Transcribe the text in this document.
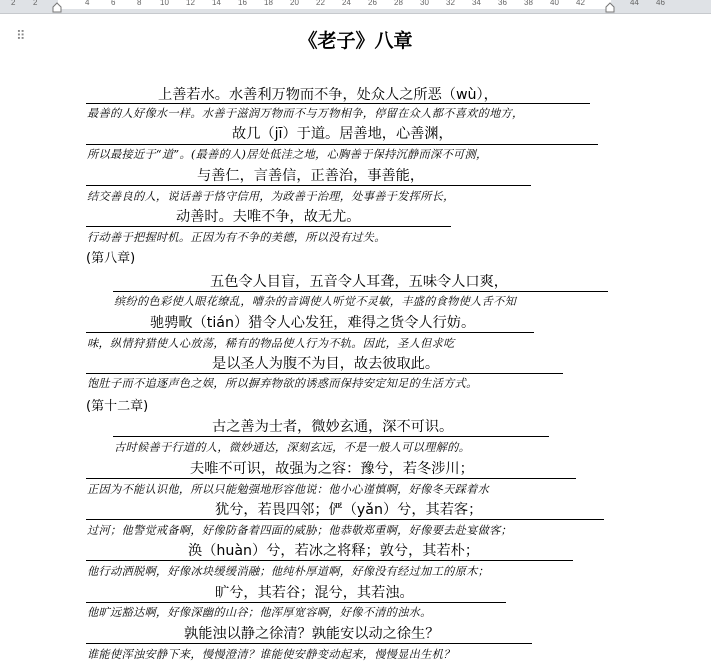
2 2	4	6	8 10 12 14 16 18 20 22 24 26 28 30 32 34 36 38 40 42	44 46
⠿	《老子》八章
上善若水。水善利万物而不争，处众人之所恶（wù），
最善的人好像水一样。水善于滋润万物而不与万物相争，停留在众人都不喜欢的地方，
故几（jī）于道。居善地，心善渊，
所以最接近于“道”。(最善的人)居处低洼之地，心胸善于保持沉静而深不可测，
与善仁，言善信，正善治，事善能，
结交善良的人，说话善于恪守信用，为政善于治理，处事善于发挥所长，
动善时。夫唯不争，故无尤。
行动善于把握时机。正因为有不争的美德，所以没有过失。
(第八章)
五色令人目盲，五音令人耳聋，五味令人口爽，
缤纷的色彩使人眼花缭乱，嘈杂的音调使人听觉不灵敏，丰盛的食物使人舌不知
驰骋畋（tián）猎令人心发狂，难得之货令人行妨。
味，纵情狩猎使人心放荡，稀有的物品使人行为不轨。因此，圣人但求吃
是以圣人为腹不为目，故去彼取此。
饱肚子而不追逐声色之娱，所以摒弃物欲的诱惑而保持安定知足的生活方式。
(第十二章)
古之善为士者，微妙玄通，深不可识。
古时候善于行道的人，微妙通达，深刻玄远，不是一般人可以理解的。
夫唯不可识，故强为之容：豫兮，若冬涉川；
正因为不能认识他，所以只能勉强地形容他说：他小心谨慎啊，好像冬天踩着水
犹兮，若畏四邻；俨（yǎn）兮，其若客；
过河；他警觉戒备啊，好像防备着四面的威胁；他恭敬郑重啊，好像要去赴宴做客；
涣（huàn）兮，若冰之将释；敦兮，其若朴；
他行动洒脱啊，好像冰块缓缓消融；他纯朴厚道啊，好像没有经过加工的原木；
旷兮，其若谷；混兮，其若浊。
他旷远豁达啊，好像深幽的山谷；他浑厚宽容啊，好像不清的浊水。
孰能浊以静之徐清？孰能安以动之徐生？
谁能使浑浊安静下来，慢慢澄清？谁能使安静变动起来，慢慢显出生机？
